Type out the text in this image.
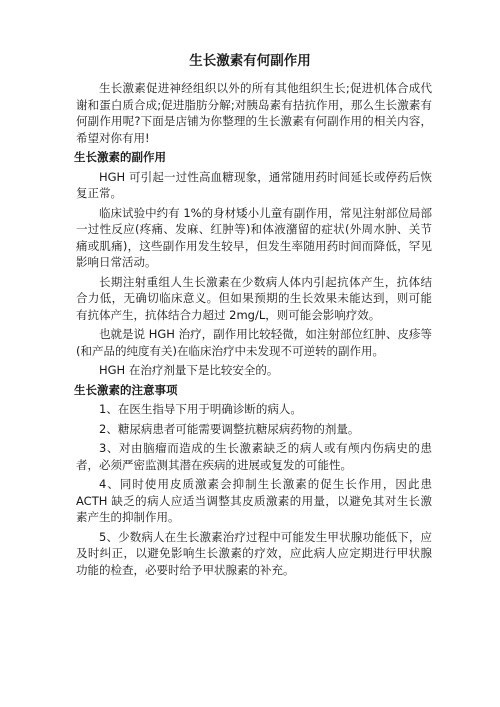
生长激素有何副作用

生长激素促进神经组织以外的所有其他组织生长;促进机体合成代谢和蛋白质合成;促进脂肪分解;对胰岛素有拮抗作用，那么生长激素有何副作用呢?下面是店铺为你整理的生长激素有何副作用的相关内容，希望对你有用!

生长激素的副作用

HGH 可引起一过性高血糖现象，通常随用药时间延长或停药后恢复正常。

临床试验中约有 1%的身材矮小儿童有副作用，常见注射部位局部一过性反应(疼痛、发麻、红肿等)和体液潴留的症状(外周水肿、关节痛或肌痛)，这些副作用发生较早，但发生率随用药时间而降低，罕见影响日常活动。

长期注射重组人生长激素在少数病人体内引起抗体产生，抗体结合力低，无确切临床意义。但如果预期的生长效果未能达到，则可能有抗体产生，抗体结合力超过 2mg/L，则可能会影响疗效。

也就是说 HGH 治疗，副作用比较轻微，如注射部位红肿、皮疹等(和产品的纯度有关)在临床治疗中未发现不可逆转的副作用。

HGH 在治疗剂量下是比较安全的。

生长激素的注意事项

1、在医生指导下用于明确诊断的病人。

2、糖尿病患者可能需要调整抗糖尿病药物的剂量。

3、对由脑瘤而造成的生长激素缺乏的病人或有颅内伤病史的患者，必须严密监测其潜在疾病的进展或复发的可能性。

4、同时使用皮质激素会抑制生长激素的促生长作用，因此患 ACTH 缺乏的病人应适当调整其皮质激素的用量，以避免其对生长激素产生的抑制作用。

5、少数病人在生长激素治疗过程中可能发生甲状腺功能低下，应及时纠正，以避免影响生长激素的疗效，应此病人应定期进行甲状腺功能的检查，必要时给予甲状腺素的补充。
